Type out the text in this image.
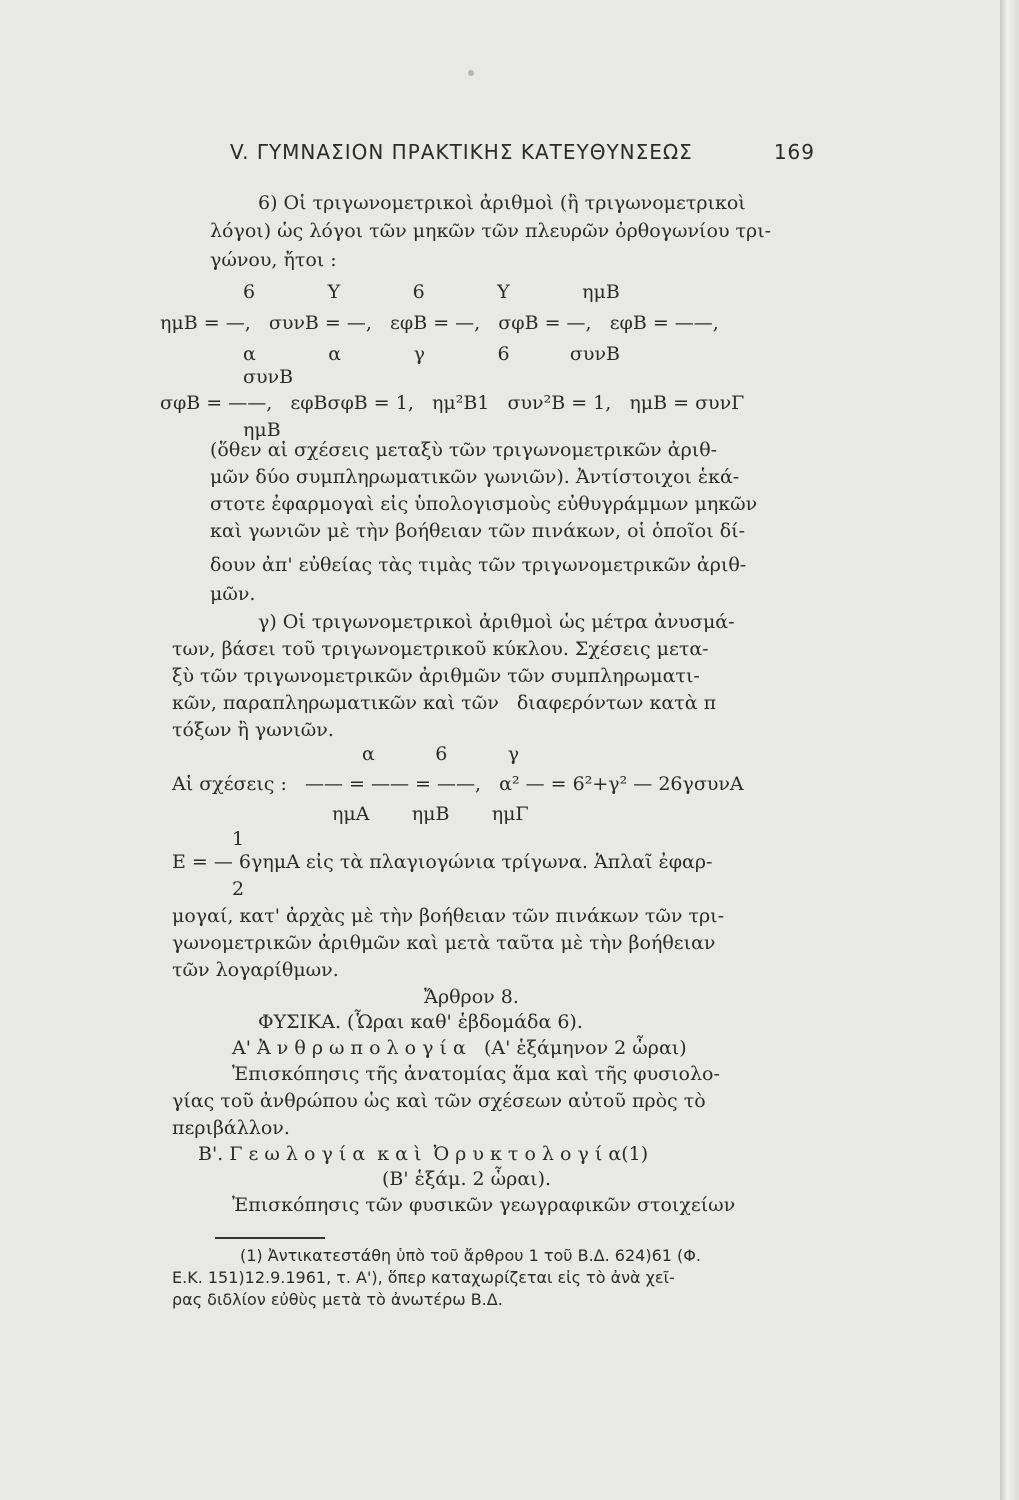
V. ΓΥΜΝΑΣΙΟΝ ΠΡΑΚΤΙΚΗΣ ΚΑΤΕΥΘΥΝΣΕΩΣ	169
6) Οἱ τριγωνομετρικοὶ ἀριθμοὶ (ἢ τριγωνομετρικοὶ
λόγοι) ὡς λόγοι τῶν μηκῶν τῶν πλευρῶν ὀρθογωνίου τρι-
γώνου, ἤτοι :
6            Υ            6            Υ            ημB
ημB = —,   συνB = —,   εφB = —,   σφB = —,   εφB = ——,
α            α            γ            6          συνB
συνB
σφB = ——,   εφBσφB = 1,   ημ²B1   συν²B = 1,   ημB = συνΓ
ημB
(ὅθεν αἱ σχέσεις μεταξὺ τῶν τριγωνομετρικῶν ἀριθ-
μῶν δύο συμπληρωματικῶν γωνιῶν). Ἀντίστοιχοι ἑκά-
στοτε ἐφαρμογαὶ εἰς ὑπολογισμοὺς εὐθυγράμμων μηκῶν
καὶ γωνιῶν μὲ τὴν βοήθειαν τῶν πινάκων, οἱ ὁποῖοι δί-
δουν ἀπ' εὐθείας τὰς τιμὰς τῶν τριγωνομετρικῶν ἀριθ-
μῶν.
γ) Οἱ τριγωνομετρικοὶ ἀριθμοὶ ὡς μέτρα ἀνυσμά-
των, βάσει τοῦ τριγωνομετρικοῦ κύκλου. Σχέσεις μετα-
ξὺ τῶν τριγωνομετρικῶν ἀριθμῶν τῶν συμπληρωματι-
κῶν, παραπληρωματικῶν καὶ τῶν   διαφερόντων κατὰ π
τόξων ἢ γωνιῶν.
α          6          γ
Αἱ σχέσεις :   —— = —— = ——,   α² — = 6²+γ² — 26γσυνΑ
ημΑ       ημB       ημΓ
1
E = — 6γημΑ εἰς τὰ πλαγιογώνια τρίγωνα. Ἁπλαῖ ἐφαρ-
2
μογαί, κατ' ἀρχὰς μὲ τὴν βοήθειαν τῶν πινάκων τῶν τρι-
γωνομετρικῶν ἀριθμῶν καὶ μετὰ ταῦτα μὲ τὴν βοήθειαν
τῶν λογαρίθμων.
Ἄρθρον 8.
ΦΥΣΙΚΑ. (Ὧραι καθ' ἑβδομάδα 6).
Α' Ἀ ν θ ρ ω π ο λ ο γ ί α   (Α' ἑξάμηνον 2 ὧραι)
Ἐπισκόπησις τῆς ἀνατομίας ἅμα καὶ τῆς φυσιολο-
γίας τοῦ ἀνθρώπου ὡς καὶ τῶν σχέσεων αὐτοῦ πρὸς τὸ
περιβάλλον.
Β'. Γ ε ω λ ο γ ί α  κ α ὶ  Ὀ ρ υ κ τ ο λ ο γ ί α(1)
(Β' ἑξάμ. 2 ὧραι).
Ἐπισκόπησις τῶν φυσικῶν γεωγραφικῶν στοιχείων
(1) Ἀντικατεστάθη ὑπὸ τοῦ ἄρθρου 1 τοῦ Β.Δ. 624)61 (Φ.
Ε.Κ. 151)12.9.1961, τ. Α'), ὅπερ καταχωρίζεται εἰς τὸ ἀνὰ χεῖ-
ρας διδλίον εὐθὺς μετὰ τὸ ἀνωτέρω Β.Δ.
